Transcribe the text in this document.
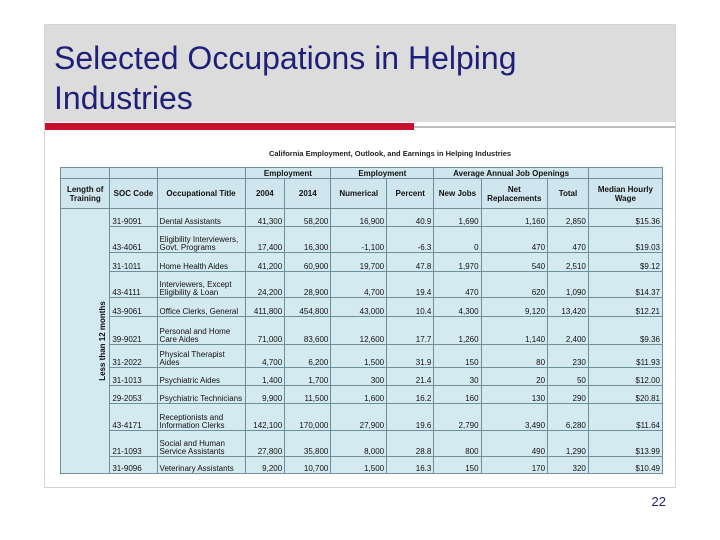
Selected Occupations in Helping Industries
California Employment, Outlook, and Earnings in Helping Industries
			Employment		Employment		Average Annual Job Openings			
Length of Training	SOC Code	Occupational Title	2004	2014	Numerical	Percent	New Jobs	Net Replacements	Total	Median Hourly Wage
Less than 12 months	31-9091	Dental Assistants	41,300	58,200	16,900	40.9	1,690	1,160	2,850	$15.36
	43-4061	Eligibility Interviewers, Govt. Programs	17,400	16,300	-1,100	-6.3	0	470	470	$19.03
	31-1011	Home Health Aides	41,200	60,900	19,700	47.8	1,970	540	2,510	$9.12
	43-4111	Interviewers, Except Eligibility & Loan	24,200	28,900	4,700	19.4	470	620	1,090	$14.37
	43-9061	Office Clerks, General	411,800	454,800	43,000	10.4	4,300	9,120	13,420	$12.21
	39-9021	Personal and Home Care Aides	71,000	83,600	12,600	17.7	1,260	1,140	2,400	$9.36
	31-2022	Physical Therapist Aides	4,700	6,200	1,500	31.9	150	80	230	$11.93
	31-1013	Psychiatric Aides	1,400	1,700	300	21.4	30	20	50	$12.00
	29-2053	Psychiatric Technicians	9,900	11,500	1,600	16.2	160	130	290	$20.81
	43-4171	Receptionists and Information Clerks	142,100	170,000	27,900	19.6	2,790	3,490	6,280	$11.64
	21-1093	Social and Human Service Assistants	27,800	35,800	8,000	28.8	800	490	1,290	$13.99
	31-9096	Veterinary Assistants	9,200	10,700	1,500	16.3	150	170	320	$10.49
22
